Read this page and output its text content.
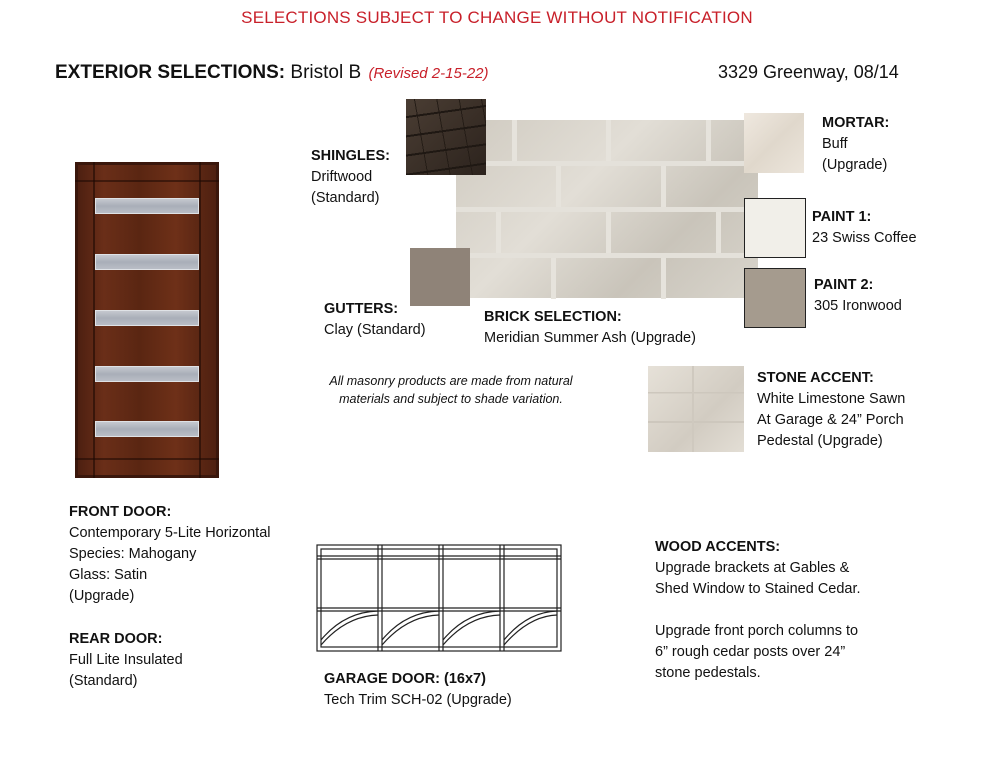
SELECTIONS SUBJECT TO CHANGE WITHOUT NOTIFICATION
EXTERIOR SELECTIONS: Bristol B (Revised 2-15-22)	3329 Greenway, 08/14
SHINGLES:
Driftwood
(Standard)
GUTTERS:
Clay (Standard)
BRICK SELECTION:
Meridian Summer Ash (Upgrade)
All masonry products are made from natural
materials and subject to shade variation.
MORTAR:
Buff
(Upgrade)
PAINT 1:
23 Swiss Coffee
PAINT 2:
305 Ironwood
STONE ACCENT:
White Limestone Sawn
At Garage & 24” Porch
Pedestal (Upgrade)
FRONT DOOR:
Contemporary 5-Lite Horizontal
Species: Mahogany
Glass: Satin
(Upgrade)
REAR DOOR:
Full Lite Insulated
(Standard)	GARAGE DOOR: (16x7)
Tech Trim SCH-02 (Upgrade)
WOOD ACCENTS:
Upgrade brackets at Gables &
Shed Window to Stained Cedar.
Upgrade front porch columns to
6” rough cedar posts over 24”
stone pedestals.
